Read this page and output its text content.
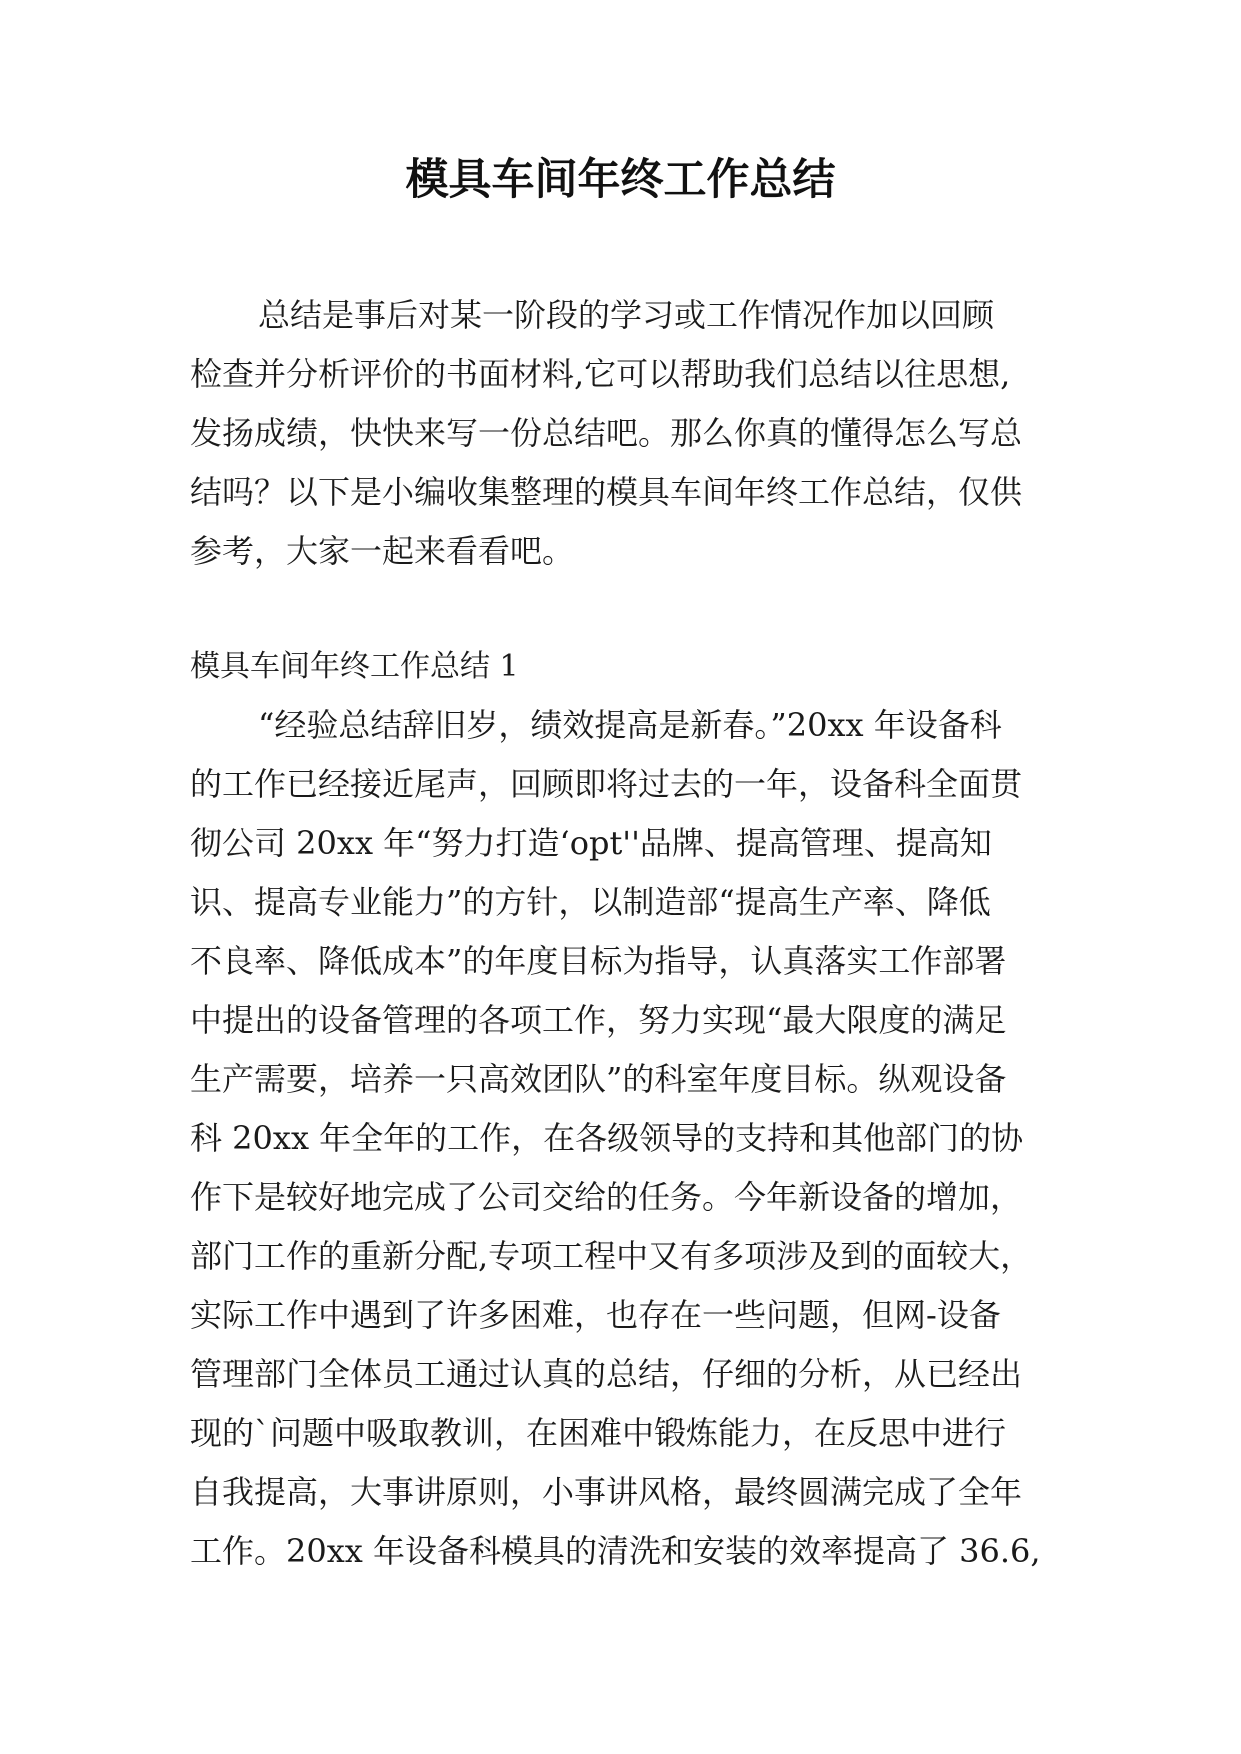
模具车间年终工作总结
总结是事后对某一阶段的学习或工作情况作加以回顾
检查并分析评价的书面材料,它可以帮助我们总结以往思想,
发扬成绩，快快来写一份总结吧。那么你真的懂得怎么写总
结吗？以下是小编收集整理的模具车间年终工作总结，仅供
参考，大家一起来看看吧。

模具车间年终工作总结 1

“经验总结辞旧岁，绩效提高是新春。”20xx 年设备科
的工作已经接近尾声，回顾即将过去的一年，设备科全面贯
彻公司 20xx 年“努力打造‘opt''品牌、提高管理、提高知
识、提高专业能力”的方针，以制造部“提高生产率、降低
不良率、降低成本”的年度目标为指导，认真落实工作部署
中提出的设备管理的各项工作，努力实现“最大限度的满足
生产需要，培养一只高效团队”的科室年度目标。纵观设备
科 20xx 年全年的工作，在各级领导的支持和其他部门的协
作下是较好地完成了公司交给的任务。今年新设备的增加，
部门工作的重新分配,专项工程中又有多项涉及到的面较大，
实际工作中遇到了许多困难，也存在一些问题，但网-设备
管理部门全体员工通过认真的总结，仔细的分析，从已经出
现的`问题中吸取教训，在困难中锻炼能力，在反思中进行
自我提高，大事讲原则，小事讲风格，最终圆满完成了全年
工作。20xx 年设备科模具的清洗和安装的效率提高了 36.6,
